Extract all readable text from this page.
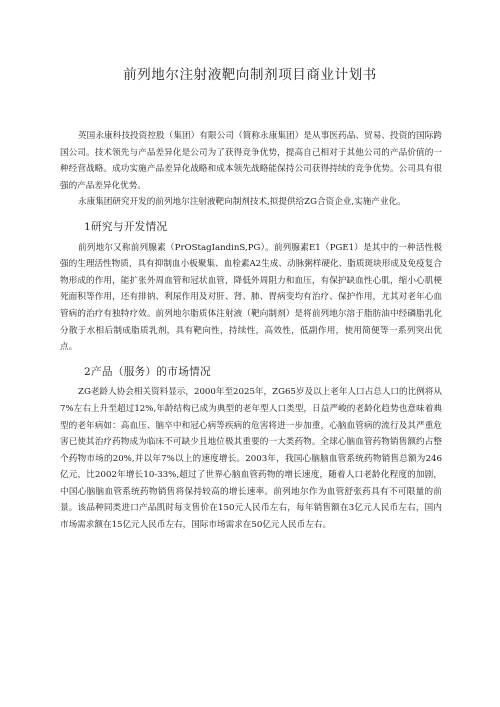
前列地尔注射液靶向制剂项目商业计划书

英国永康科技投资控股（集团）有限公司（简称永康集团）是从事医药品、贸易、投资的国际跨国公司。技术领先与产品差异化是公司为了获得竞争优势，提高自己相对于其他公司的产品价值的一种经营战略。成功实施产品差异化战略和成本领先战略能保持公司获得持续的竞争优势。公司具有很强的产品差异化优势。

永康集团研究开发的前列地尔注射液靶向制剂技术,拟提供给ZG合资企业,实施产业化。

1研究与开发情况

前列地尔又称前列腺素（PrOStagIandinS,PG）。前列腺素E1（PGE1）是其中的一种活性极强的生理活性物质，具有抑制血小板聚集、血栓素A2生成、动脉粥样硬化、脂质斑块形成及免疫复合物形成的作用，能扩张外周血管和冠状血管，降低外周阻力和血压，有保护缺血性心肌，缩小心肌梗死面积等作用，还有排钠、利尿作用及对肝、肾、肺、胃病变均有治疗、保护作用，尤其对老年心血管病的治疗有独特疗效。前列地尔脂质体注射液（靶向制剂）是将前列地尔溶于脂肪油中经磷脂乳化分散于水相后制成脂质乳剂，具有靶向性，持续性，高效性，低副作用，使用简便等一系列突出优点。

2产品（服务）的市场情况

ZG老龄人协会相关资料显示，2000年至2025年，ZG65岁及以上老年人口占总人口的比例将从7%左右上升至超过12%,年龄结构已成为典型的老年型人口类型，日益严峻的老龄化趋势也意味着典型的老年病如：高血压、脑卒中和冠心病等疾病的危害将进一步加重，心脑血管病的流行及其严重危害已使其治疗药物成为临床不可缺少且地位极其重要的一大类药物。全球心脑血管药物销售额约占整个药物市场的20%,并以年7%以上的速度增长。2003年，我国心脑脑血管系统药物销售总额为246亿元，比2002年增长10-33%,超过了世界心脑血管药物的增长速度，随着人口老龄化程度的加剧，中国心脑脑血管系统药物销售将保持较高的增长速率。前列地尔作为血管舒张药具有不可限量的前景。该品种同类进口产品凯时每支售价在150元人民币左右，每年销售额在3亿元人民币左右，国内市场需求额在15亿元人民币左右，国际市场需求在50亿元人民币左右。
